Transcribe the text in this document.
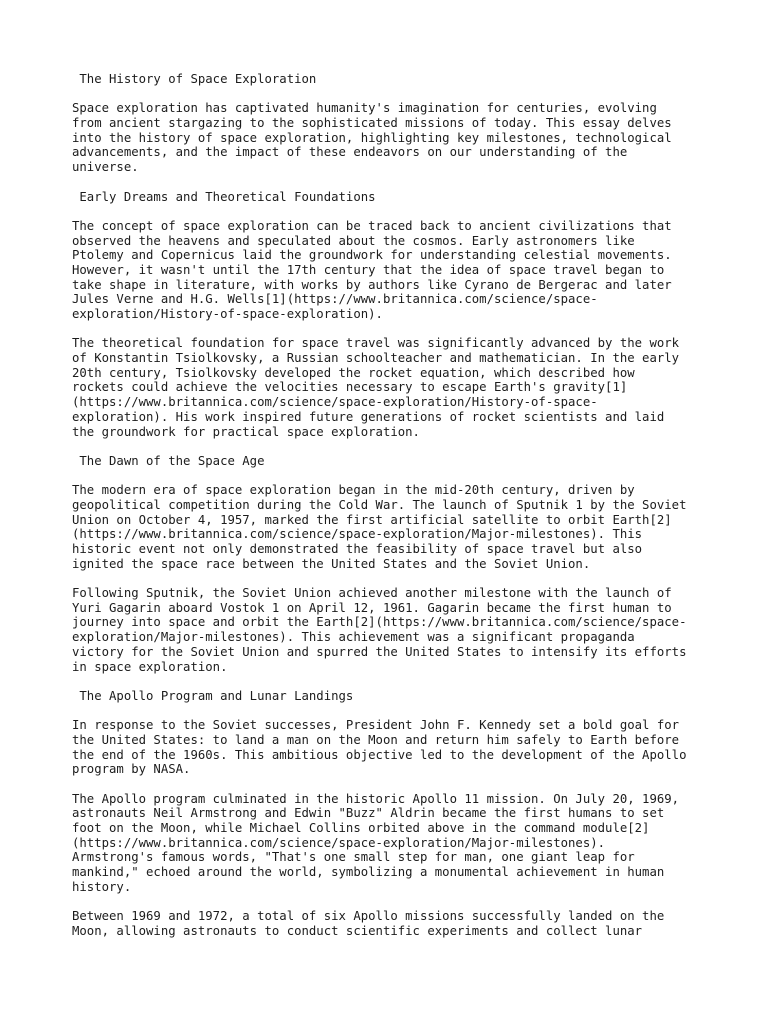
The History of Space Exploration
Space exploration has captivated humanity's imagination for centuries, evolving
from ancient stargazing to the sophisticated missions of today. This essay delves
into the history of space exploration, highlighting key milestones, technological
advancements, and the impact of these endeavors on our understanding of the
universe.
Early Dreams and Theoretical Foundations
The concept of space exploration can be traced back to ancient civilizations that
observed the heavens and speculated about the cosmos. Early astronomers like
Ptolemy and Copernicus laid the groundwork for understanding celestial movements.
However, it wasn't until the 17th century that the idea of space travel began to
take shape in literature, with works by authors like Cyrano de Bergerac and later
Jules Verne and H.G. Wells[1](https://www.britannica.com/science/space-
exploration/History-of-space-exploration).
The theoretical foundation for space travel was significantly advanced by the work
of Konstantin Tsiolkovsky, a Russian schoolteacher and mathematician. In the early
20th century, Tsiolkovsky developed the rocket equation, which described how
rockets could achieve the velocities necessary to escape Earth's gravity[1]
(https://www.britannica.com/science/space-exploration/History-of-space-
exploration). His work inspired future generations of rocket scientists and laid
the groundwork for practical space exploration.
The Dawn of the Space Age
The modern era of space exploration began in the mid-20th century, driven by
geopolitical competition during the Cold War. The launch of Sputnik 1 by the Soviet
Union on October 4, 1957, marked the first artificial satellite to orbit Earth[2]
(https://www.britannica.com/science/space-exploration/Major-milestones). This
historic event not only demonstrated the feasibility of space travel but also
ignited the space race between the United States and the Soviet Union.
Following Sputnik, the Soviet Union achieved another milestone with the launch of
Yuri Gagarin aboard Vostok 1 on April 12, 1961. Gagarin became the first human to
journey into space and orbit the Earth[2](https://www.britannica.com/science/space-
exploration/Major-milestones). This achievement was a significant propaganda
victory for the Soviet Union and spurred the United States to intensify its efforts
in space exploration.
The Apollo Program and Lunar Landings
In response to the Soviet successes, President John F. Kennedy set a bold goal for
the United States: to land a man on the Moon and return him safely to Earth before
the end of the 1960s. This ambitious objective led to the development of the Apollo
program by NASA.
The Apollo program culminated in the historic Apollo 11 mission. On July 20, 1969,
astronauts Neil Armstrong and Edwin "Buzz" Aldrin became the first humans to set
foot on the Moon, while Michael Collins orbited above in the command module[2]
(https://www.britannica.com/science/space-exploration/Major-milestones).
Armstrong's famous words, "That's one small step for man, one giant leap for
mankind," echoed around the world, symbolizing a monumental achievement in human
history.
Between 1969 and 1972, a total of six Apollo missions successfully landed on the
Moon, allowing astronauts to conduct scientific experiments and collect lunar
